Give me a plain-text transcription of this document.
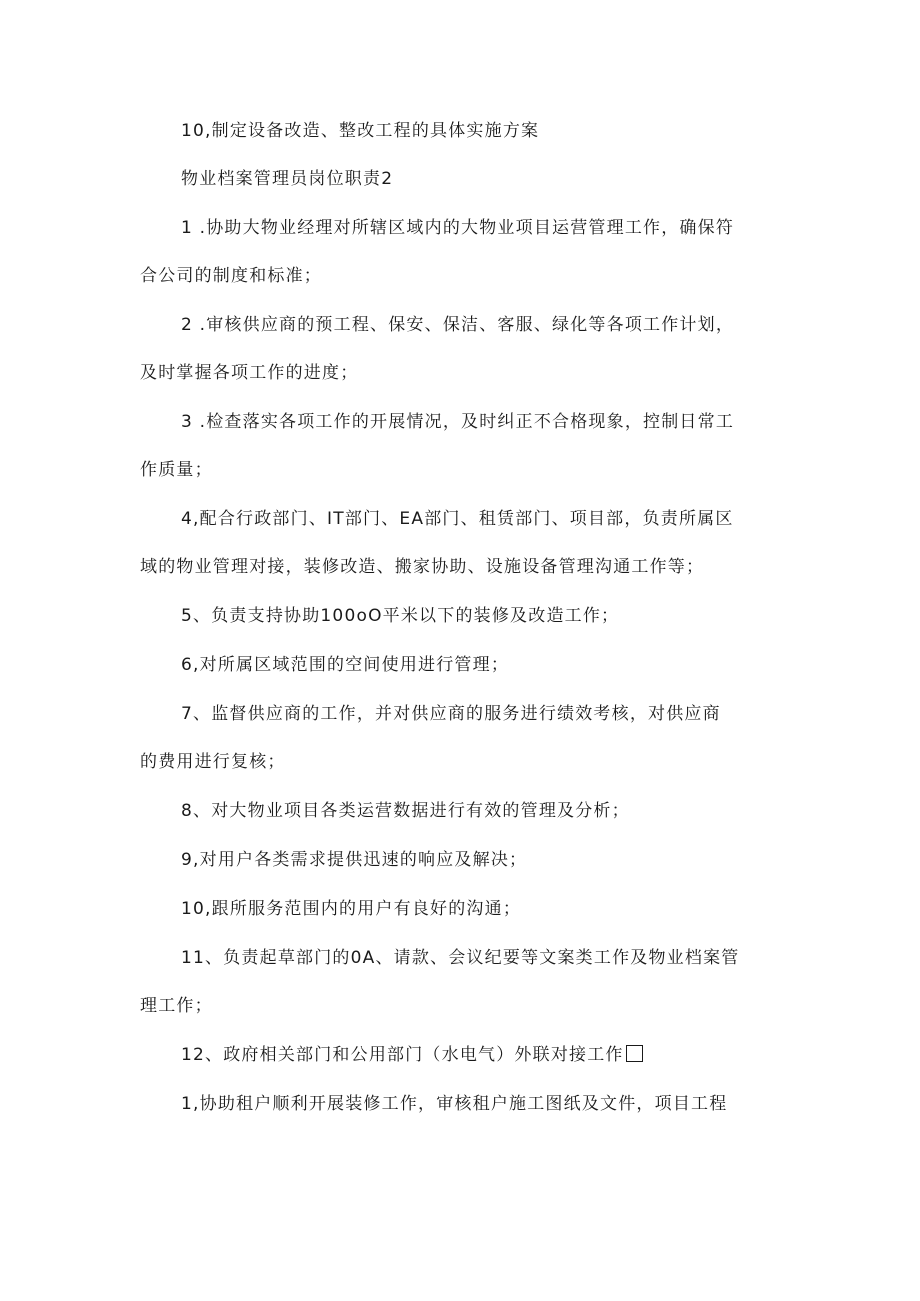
10,制定设备改造、整改工程的具体实施方案

物业档案管理员岗位职责2

1 .协助大物业经理对所辖区域内的大物业项目运营管理工作，确保符

合公司的制度和标准；

2 .审核供应商的预工程、保安、保洁、客服、绿化等各项工作计划，

及时掌握各项工作的进度；

3 .检查落实各项工作的开展情况，及时纠正不合格现象，控制日常工

作质量；

4,配合行政部门、IT部门、EA部门、租赁部门、项目部，负责所属区

域的物业管理对接，装修改造、搬家协助、设施设备管理沟通工作等；

5、负责支持协助100oO平米以下的装修及改造工作；

6,对所属区域范围的空间使用进行管理；

7、监督供应商的工作，并对供应商的服务进行绩效考核，对供应商

的费用进行复核；

8、对大物业项目各类运营数据进行有效的管理及分析；

9,对用户各类需求提供迅速的响应及解决；

10,跟所服务范围内的用户有良好的沟通；

11、负责起草部门的0A、请款、会议纪要等文案类工作及物业档案管

理工作；

12、政府相关部门和公用部门（水电气）外联对接工作

1,协助租户顺利开展装修工作，审核租户施工图纸及文件，项目工程
